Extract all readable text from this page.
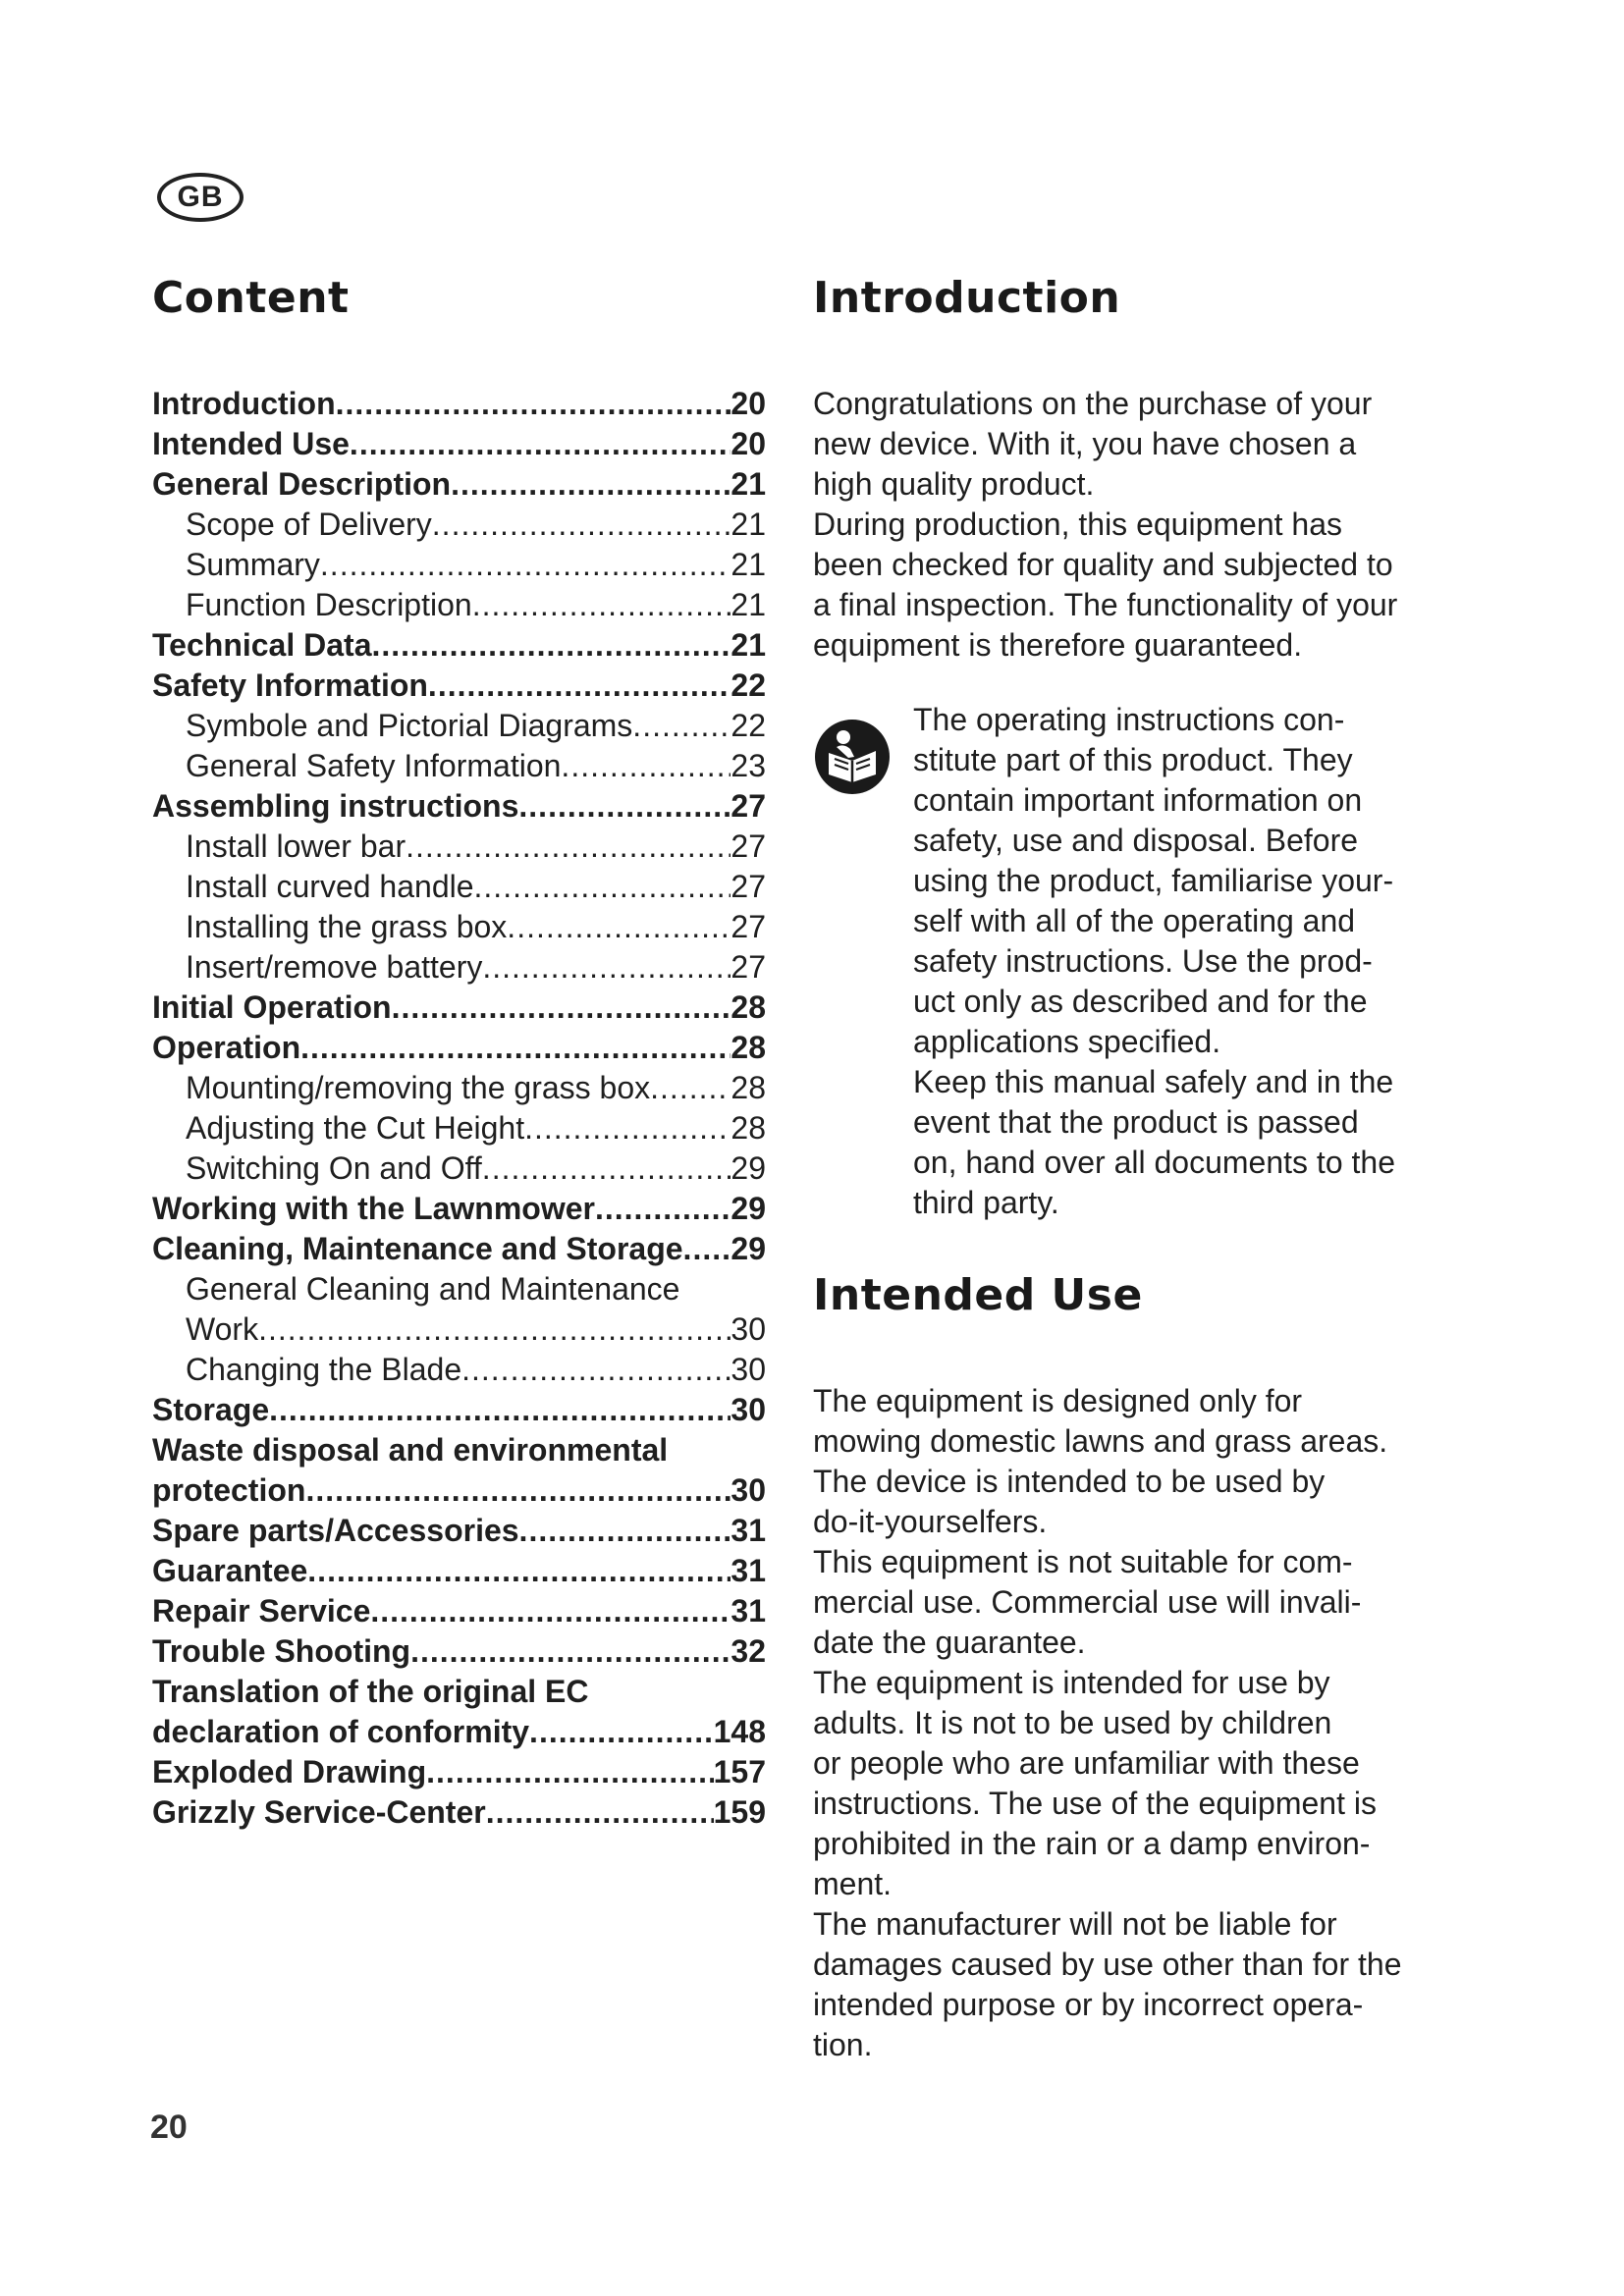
GB
Content
Introduction .....	20
Intended Use .....	20
General Description .....	21
Scope of Delivery .....	21
Summary .....	21
Function Description .....	21
Technical Data .....	21
Safety Information .....	22
Symbole and Pictorial Diagrams .....	22
General Safety Information .....	23
Assembling instructions .....	27
Install lower bar .....	27
Install curved handle .....	27
Installing the grass box .....	27
Insert/remove battery .....	27
Initial Operation .....	28
Operation .....	28
Mounting/removing the grass box .....	28
Adjusting the Cut Height .....	28
Switching On and Off .....	29
Working with the Lawnmower .....	29
Cleaning, Maintenance and Storage ..... 29
General Cleaning and Maintenance
Work .....	30
Changing the Blade .....	30
Storage .....	30
Waste disposal and environmental
protection .....	30
Spare parts/Accessories .....	31
Guarantee .....	31
Repair Service .....	31
Trouble Shooting .....	32
Translation of the original EC
declaration of conformity .....	148
Exploded Drawing .....	157
Grizzly Service-Center .....	159
Introduction
Congratulations on the purchase of your
new device. With it, you have chosen a
high quality product.
During production, this equipment has
been checked for quality and subjected to
a final inspection. The functionality of your
equipment is therefore guaranteed.
The operating instructions con-
stitute part of this product. They
contain important information on
safety, use and disposal. Before
using the product, familiarise your-
self with all of the operating and
safety instructions. Use the prod-
uct only as described and for the
applications specified.
Keep this manual safely and in the
event that the product is passed
on, hand over all documents to the
third party.
Intended Use
The equipment is designed only for
mowing domestic lawns and grass areas.
The device is intended to be used by
do-it-yourselfers.
This equipment is not suitable for com-
mercial use. Commercial use will invali-
date the guarantee.
The equipment is intended for use by
adults. It is not to be used by children
or people who are unfamiliar with these
instructions. The use of the equipment is
prohibited in the rain or a damp environ-
ment.
The manufacturer will not be liable for
damages caused by use other than for the
intended purpose or by incorrect opera-
tion.
20
